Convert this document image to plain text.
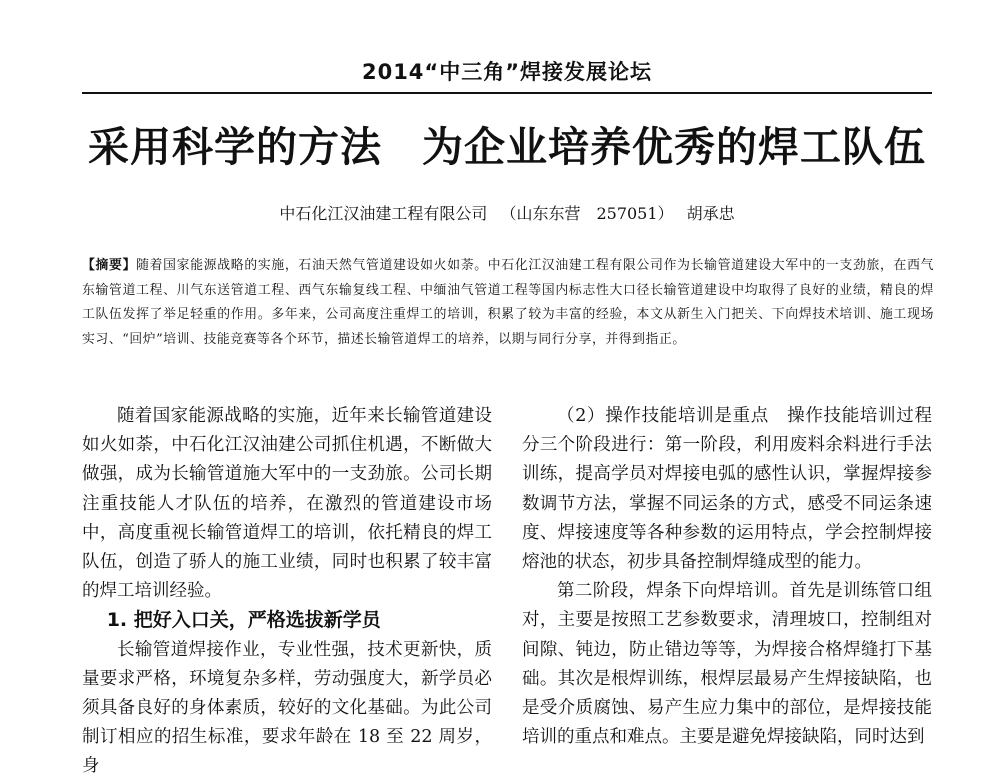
2014“中三角”焊接发展论坛
采用科学的方法 为企业培养优秀的焊工队伍
中石化江汉油建工程有限公司 （山东东营　257051） 胡承忠
【摘要】随着国家能源战略的实施，石油天然气管道建设如火如荼。中石化江汉油建工程有限公司作为长输管道建设大军中的一支劲旅，在西气东输管道工程、川气东送管道工程、西气东输复线工程、中缅油气管道工程等国内标志性大口径长输管道建设中均取得了良好的业绩，精良的焊工队伍发挥了举足轻重的作用。多年来，公司高度注重焊工的培训，积累了较为丰富的经验，本文从新生入门把关、下向焊技术培训、施工现场实习、“回炉”培训、技能竞赛等各个环节，描述长输管道焊工的培养，以期与同行分享，并得到指正。

随着国家能源战略的实施，近年来长输管道建设如火如荼，中石化江汉油建公司抓住机遇，不断做大做强，成为长输管道施大军中的一支劲旅。公司长期注重技能人才队伍的培养，在激烈的管道建设市场中，高度重视长输管道焊工的培训，依托精良的焊工队伍，创造了骄人的施工业绩，同时也积累了较丰富的焊工培训经验。

1. 把好入口关，严格选拔新学员

长输管道焊接作业，专业性强，技术更新快，质量要求严格，环境复杂多样，劳动强度大，新学员必须具备良好的身体素质，较好的文化基础。为此公司制订相应的招生标准，要求年龄在 18 至 22 周岁，身

（2）操作技能培训是重点　操作技能培训过程分三个阶段进行：第一阶段，利用废料余料进行手法训练，提高学员对焊接电弧的感性认识，掌握焊接参数调节方法，掌握不同运条的方式，感受不同运条速度、焊接速度等各种参数的运用特点，学会控制焊接熔池的状态，初步具备控制焊缝成型的能力。

第二阶段，焊条下向焊培训。首先是训练管口组对，主要是按照工艺参数要求，清理坡口，控制组对间隙、钝边，防止错边等等，为焊接合格焊缝打下基础。其次是根焊训练，根焊层最易产生焊接缺陷，也是受介质腐蚀、易产生应力集中的部位，是焊接技能培训的重点和难点。主要是避免焊接缺陷，同时达到
